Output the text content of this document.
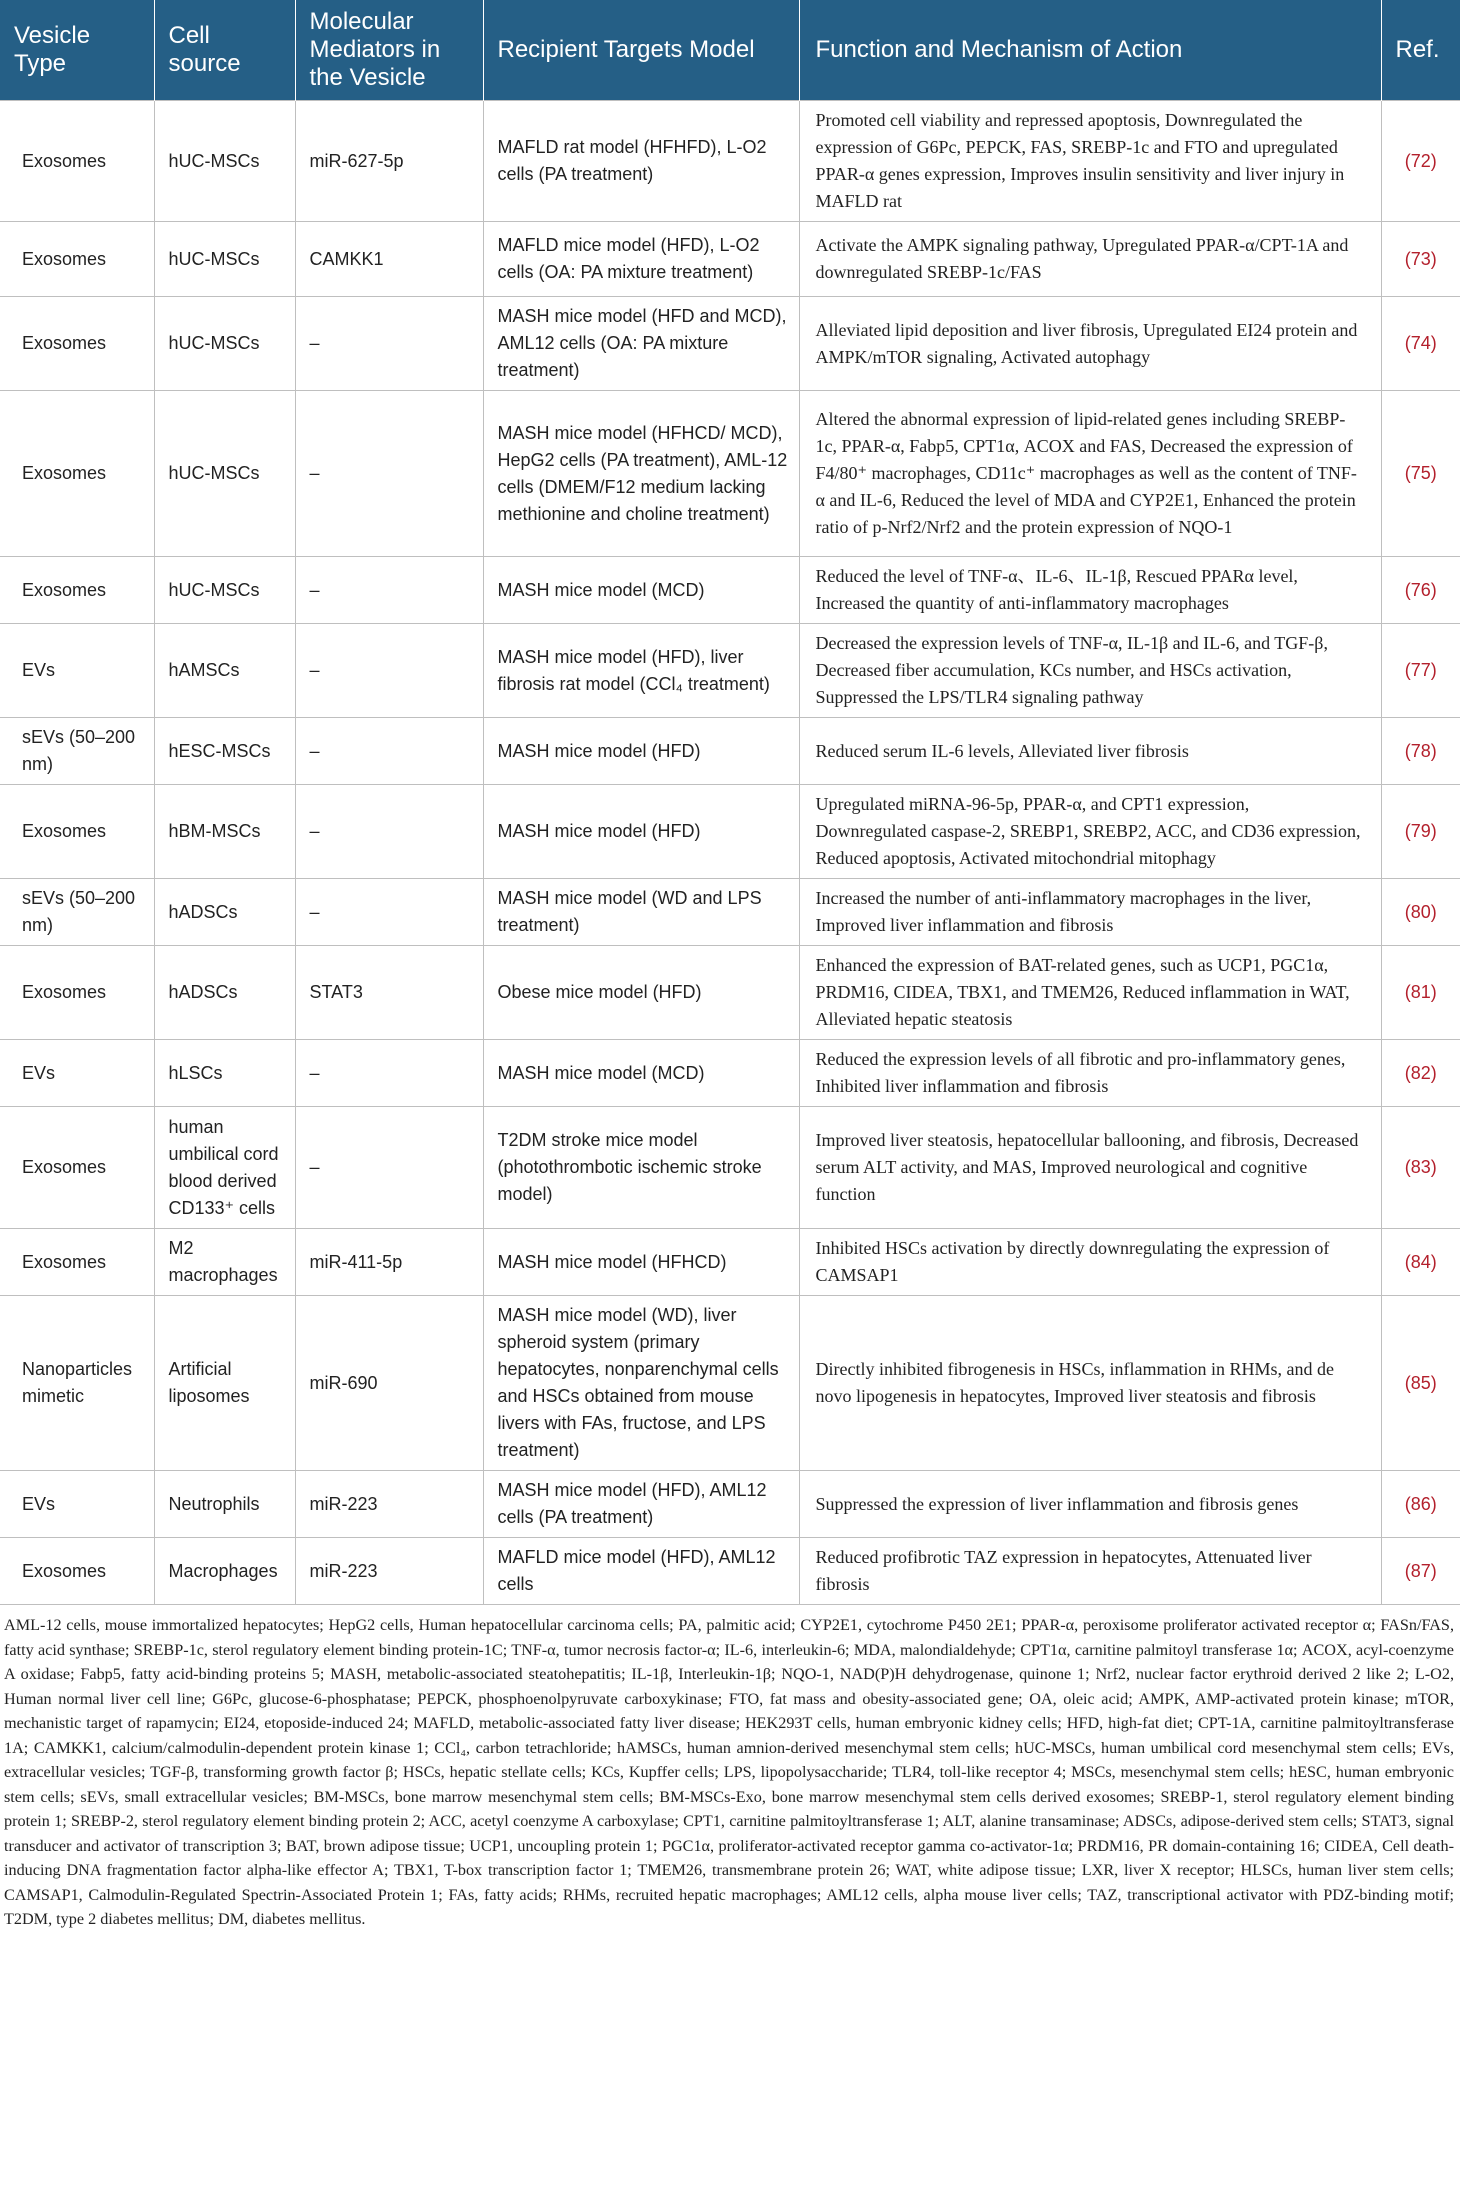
Vesicle Type	Cell source	Molecular Mediators in the Vesicle	Recipient Targets Model	Function and Mechanism of Action	Ref.
Exosomes	hUC-MSCs	miR-627-5p	MAFLD rat model (HFHFD), L-O2 cells (PA treatment)	Promoted cell viability and repressed apoptosis, Downregulated the expression of G6Pc, PEPCK, FAS, SREBP-1c and FTO and upregulated PPAR-α genes expression, Improves insulin sensitivity and liver injury in MAFLD rat	(72)
Exosomes	hUC-MSCs	CAMKK1	MAFLD mice model (HFD), L-O2 cells (OA: PA mixture treatment)	Activate the AMPK signaling pathway, Upregulated PPAR-α/CPT-1A and downregulated SREBP-1c/FAS	(73)
Exosomes	hUC-MSCs	–	MASH mice model (HFD and MCD), AML12 cells (OA: PA mixture treatment)	Alleviated lipid deposition and liver fibrosis, Upregulated EI24 protein and AMPK/mTOR signaling, Activated autophagy	(74)
Exosomes	hUC-MSCs	–	MASH mice model (HFHCD/ MCD), HepG2 cells (PA treatment), AML-12 cells (DMEM/F12 medium lacking methionine and choline treatment)	Altered the abnormal expression of lipid-related genes including SREBP-1c, PPAR-α, Fabp5, CPT1α, ACOX and FAS, Decreased the expression of F4/80⁺ macrophages, CD11c⁺ macrophages as well as the content of TNF-α and IL-6, Reduced the level of MDA and CYP2E1, Enhanced the protein ratio of p-Nrf2/Nrf2 and the protein expression of NQO-1	(75)
Exosomes	hUC-MSCs	–	MASH mice model (MCD)	Reduced the level of TNF-α、IL-6、IL-1β, Rescued PPARα level, Increased the quantity of anti-inflammatory macrophages	(76)
EVs	hAMSCs	–	MASH mice model (HFD), liver fibrosis rat model (CCl₄ treatment)	Decreased the expression levels of TNF-α, IL-1β and IL-6, and TGF-β, Decreased fiber accumulation, KCs number, and HSCs activation, Suppressed the LPS/TLR4 signaling pathway	(77)
sEVs (50–200 nm)	hESC-MSCs	–	MASH mice model (HFD)	Reduced serum IL-6 levels, Alleviated liver fibrosis	(78)
Exosomes	hBM-MSCs	–	MASH mice model (HFD)	Upregulated miRNA-96-5p, PPAR-α, and CPT1 expression, Downregulated caspase-2, SREBP1, SREBP2, ACC, and CD36 expression, Reduced apoptosis, Activated mitochondrial mitophagy	(79)
sEVs (50–200 nm)	hADSCs	–	MASH mice model (WD and LPS treatment)	Increased the number of anti-inflammatory macrophages in the liver, Improved liver inflammation and fibrosis	(80)
Exosomes	hADSCs	STAT3	Obese mice model (HFD)	Enhanced the expression of BAT-related genes, such as UCP1, PGC1α, PRDM16, CIDEA, TBX1, and TMEM26, Reduced inflammation in WAT, Alleviated hepatic steatosis	(81)
EVs	hLSCs	–	MASH mice model (MCD)	Reduced the expression levels of all fibrotic and pro-inflammatory genes, Inhibited liver inflammation and fibrosis	(82)
Exosomes	human umbilical cord blood derived CD133⁺ cells	–	T2DM stroke mice model (photothrombotic ischemic stroke model)	Improved liver steatosis, hepatocellular ballooning, and fibrosis, Decreased serum ALT activity, and MAS, Improved neurological and cognitive function	(83)
Exosomes	M2 macrophages	miR-411-5p	MASH mice model (HFHCD)	Inhibited HSCs activation by directly downregulating the expression of CAMSAP1	(84)
Nanoparticles mimetic	Artificial liposomes	miR-690	MASH mice model (WD), liver spheroid system (primary hepatocytes, nonparenchymal cells and HSCs obtained from mouse livers with FAs, fructose, and LPS treatment)	Directly inhibited fibrogenesis in HSCs, inflammation in RHMs, and de novo lipogenesis in hepatocytes, Improved liver steatosis and fibrosis	(85)
EVs	Neutrophils	miR-223	MASH mice model (HFD), AML12 cells (PA treatment)	Suppressed the expression of liver inflammation and fibrosis genes	(86)
Exosomes	Macrophages	miR-223	MAFLD mice model (HFD), AML12 cells	Reduced profibrotic TAZ expression in hepatocytes, Attenuated liver fibrosis	(87)
AML-12 cells, mouse immortalized hepatocytes; HepG2 cells, Human hepatocellular carcinoma cells; PA, palmitic acid; CYP2E1, cytochrome P450 2E1; PPAR-α, peroxisome proliferator activated receptor α; FASn/FAS, fatty acid synthase; SREBP-1c, sterol regulatory element binding protein-1C; TNF-α, tumor necrosis factor-α; IL-6, interleukin-6; MDA, malondialdehyde; CPT1α, carnitine palmitoyl transferase 1α; ACOX, acyl-coenzyme A oxidase; Fabp5, fatty acid-binding proteins 5; MASH, metabolic-associated steatohepatitis; IL-1β, Interleukin-1β; NQO-1, NAD(P)H dehydrogenase, quinone 1; Nrf2, nuclear factor erythroid derived 2 like 2; L-O2, Human normal liver cell line; G6Pc, glucose-6-phosphatase; PEPCK, phosphoenolpyruvate carboxykinase; FTO, fat mass and obesity-associated gene; OA, oleic acid; AMPK, AMP-activated protein kinase; mTOR, mechanistic target of rapamycin; EI24, etoposide-induced 24; MAFLD, metabolic-associated fatty liver disease; HEK293T cells, human embryonic kidney cells; HFD, high-fat diet; CPT-1A, carnitine palmitoyltransferase 1A; CAMKK1, calcium/calmodulin-dependent protein kinase 1; CCl₄, carbon tetrachloride; hAMSCs, human amnion-derived mesenchymal stem cells; hUC-MSCs, human umbilical cord mesenchymal stem cells; EVs, extracellular vesicles; TGF-β, transforming growth factor β; HSCs, hepatic stellate cells; KCs, Kupffer cells; LPS, lipopolysaccharide; TLR4, toll-like receptor 4; MSCs, mesenchymal stem cells; hESC, human embryonic stem cells; sEVs, small extracellular vesicles; BM-MSCs, bone marrow mesenchymal stem cells; BM-MSCs-Exo, bone marrow mesenchymal stem cells derived exosomes; SREBP-1, sterol regulatory element binding protein 1; SREBP-2, sterol regulatory element binding protein 2; ACC, acetyl coenzyme A carboxylase; CPT1, carnitine palmitoyltransferase 1; ALT, alanine transaminase; ADSCs, adipose-derived stem cells; STAT3, signal transducer and activator of transcription 3; BAT, brown adipose tissue; UCP1, uncoupling protein 1; PGC1α, proliferator-activated receptor gamma co-activator-1α; PRDM16, PR domain-containing 16; CIDEA, Cell death-inducing DNA fragmentation factor alpha-like effector A; TBX1, T-box transcription factor 1; TMEM26, transmembrane protein 26; WAT, white adipose tissue; LXR, liver X receptor; HLSCs, human liver stem cells; CAMSAP1, Calmodulin-Regulated Spectrin-Associated Protein 1; FAs, fatty acids; RHMs, recruited hepatic macrophages; AML12 cells, alpha mouse liver cells; TAZ, transcriptional activator with PDZ-binding motif; T2DM, type 2 diabetes mellitus; DM, diabetes mellitus.
